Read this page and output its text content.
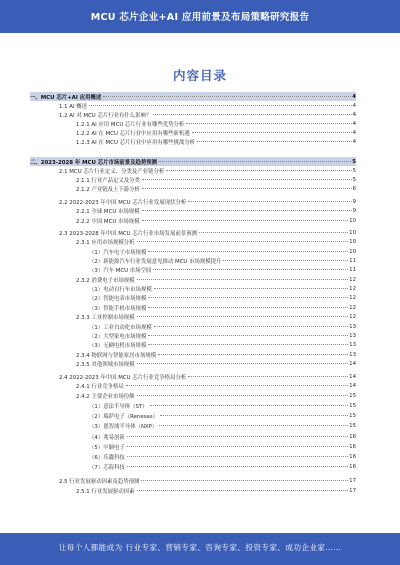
MCU 芯片企业+AI 应用前景及布局策略研究报告
内容目录
一、MCU 芯片+AI 应用概述	4
1.1 AI 概述	4
1.2 AI 对 MCU 芯片行业有什么影响？	4
1.2.1 AI 应用 MCU 芯片行业有哪些优势分析	4
1.2.2 AI 在 MCU 芯片行业中应用有哪些新机遇	4
1.2.3 AI 在 MCU 芯片行业中应用有哪些挑战分析	4
二、2023-2028 年 MCU 芯片市场前景及趋势预测	5
2.1 MCU 芯片行业定义、分类及产业链分析	5
2.1.1 行业产品定义及分类	5
2.1.2 产业链及上下游分析	6
2.2 2022-2023 年中国 MCU 芯片行业发展现状分析	9
2.2.1 全球 MCU 市场规模	9
2.2.2 中国 MCU 市场规模	10
2.3 2023-2028 年中国 MCU 芯片行业市场发展前景预测	10
2.3.1 应用市场规模分析	10
（1）汽车电子市场规模	10
（2）新能源汽车行业发展意见推动 MCU 市场规模提升	11
（3）汽车 MCU 市场空间	11
2.3.2 消费电子市场规模	12
（1）电动自行车市场规模	12
（2）智能电表市场规模	12
（3）智能手机市场规模	12
2.3.3 工业控制市场规模	12
（1）工业自动化市场规模	13
（2）大型家电市场规模	13
（3）无刷电机市场规模	13
2.3.4 物联网与智能家居市场规模	13
2.3.5 其他领域市场规模	14
2.4 2022-2023 年中国 MCU 芯片行业竞争格局分析	14
2.4.1 行业竞争格局	14
2.4.2 主要企业市场份额	15
（1）意法半导体（ST）	15
（2）瑞萨电子（Renesas）	15
（3）恩智浦半导体（NXP）	15
（4）兆易创新	16
（5）中颖电子	16
（6）乐鑫科技	16
（7）芯海科技	16
2.5 行业发展驱动因素及趋势预测	17
2.5.1 行业发展驱动因素	17
让每个人都能成为 行业专家、营销专家、咨询专家、投资专家、成功企业家……
